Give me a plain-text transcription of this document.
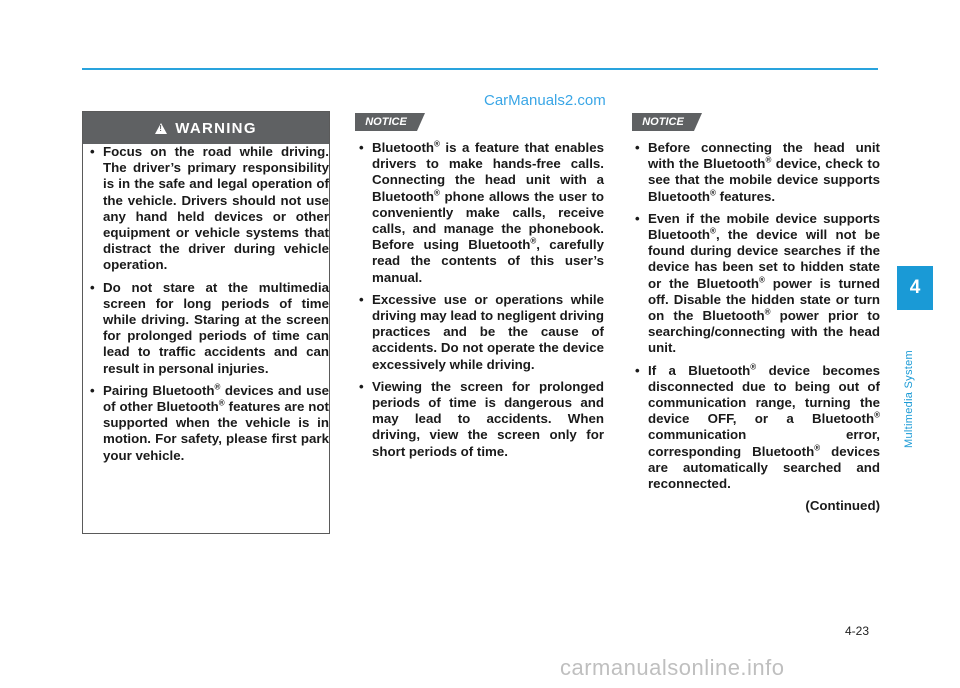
CarManuals2.com
4
Multimedia System
!
WARNING
• Focus on the road while driving. The driver’s primary responsibility is in the safe and legal operation of the vehicle. Drivers should not use any hand held devices or other equipment or vehicle systems that distract the driver during vehicle operation.
• Do not stare at the multimedia screen for long periods of time while driving. Staring at the screen for prolonged periods of time can lead to traffic accidents and can result in personal injuries.
• Pairing Bluetooth® devices and use of other Bluetooth® features are not supported when the vehicle is in motion. For safety, please first park your vehicle.
NOTICE
• Bluetooth® is a feature that enables drivers to make hands-free calls. Connecting the head unit with a Bluetooth® phone allows the user to conveniently make calls, receive calls, and manage the phonebook. Before using Bluetooth®, carefully read the contents of this user’s manual.
• Excessive use or operations while driving may lead to negligent driving practices and be the cause of accidents. Do not operate the device excessively while driving.
• Viewing the screen for prolonged periods of time is dangerous and may lead to accidents. When driving, view the screen only for short periods of time.
NOTICE
• Before connecting the head unit with the Bluetooth® device, check to see that the mobile device supports Bluetooth® features.
• Even if the mobile device supports Bluetooth®, the device will not be found during device searches if the device has been set to hidden state or the Bluetooth® power is turned off. Disable the hidden state or turn on the Bluetooth® power prior to searching/connecting with the head unit.
• If a Bluetooth® device becomes disconnected due to being out of communication range, turning the device OFF, or a Bluetooth® communication error, corresponding Bluetooth® devices are automatically searched and reconnected.
(Continued)
4-23
carmanualsonline.info
